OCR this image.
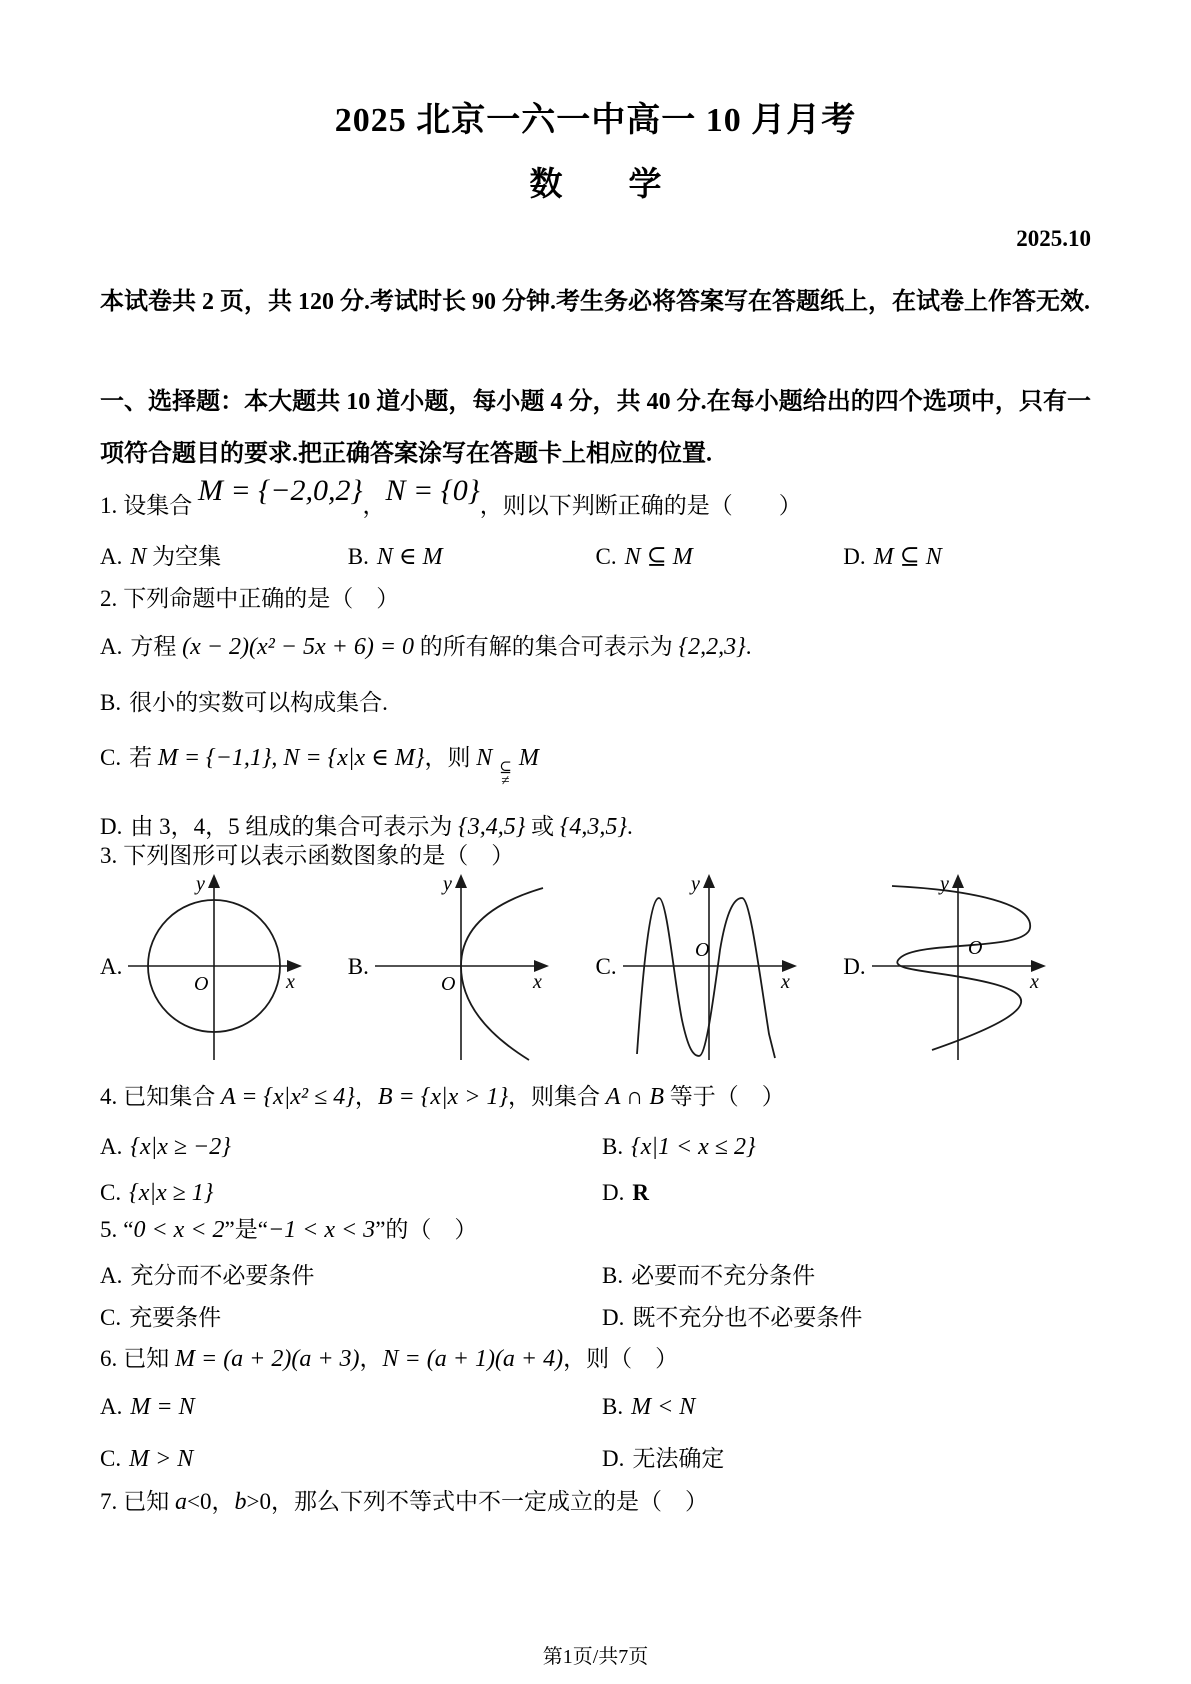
2025 北京一六一中高一 10 月月考
数　　学
2025.10
本试卷共 2 页，共 120 分.考试时长 90 分钟.考生务必将答案写在答题纸上，在试卷上作答无效.
一、选择题：本大题共 10 道小题，每小题 4 分，共 40 分.在每小题给出的四个选项中，只有一项符合题目的要求.把正确答案涂写在答题卡上相应的位置.
1. 设集合 M = {−2,0,2}，N = {0}，则以下判断正确的是（　　）
A. N 为空集	B. N ∈ M	C. N ⊆ M	D. M ⊆ N
2. 下列命题中正确的是（　）
A. 方程 (x − 2)(x² − 5x + 6) = 0 的所有解的集合可表示为 {2,2,3}.
B. 很小的实数可以构成集合.
C. 若 M = {−1,1}, N = {x|x ∈ M}，则 N ⊆
≠
M
D. 由 3，4，5 组成的集合可表示为 {3,4,5} 或 {4,3,5}.
3. 下列图形可以表示函数图象的是（　）
A.
x
O
y
B.
x
O
y
C.
O
x
y
D.
O
x
y
4. 已知集合 A = {x|x² ≤ 4}，B = {x|x > 1}，则集合 A ∩ B 等于（　）
A. {x|x ≥ −2}	B. {x|1 < x ≤ 2}
C. {x|x ≥ 1}	D. R
5. “0 < x < 2”是“−1 < x < 3”的（　）
A. 充分而不必要条件	B. 必要而不充分条件
C. 充要条件	D. 既不充分也不必要条件
6. 已知 M = (a + 2)(a + 3)，N = (a + 1)(a + 4)，则（　）
A. M = N	B. M < N
C. M > N	D. 无法确定
7. 已知 a<0，b>0，那么下列不等式中不一定成立的是（　）
第1页/共7页
